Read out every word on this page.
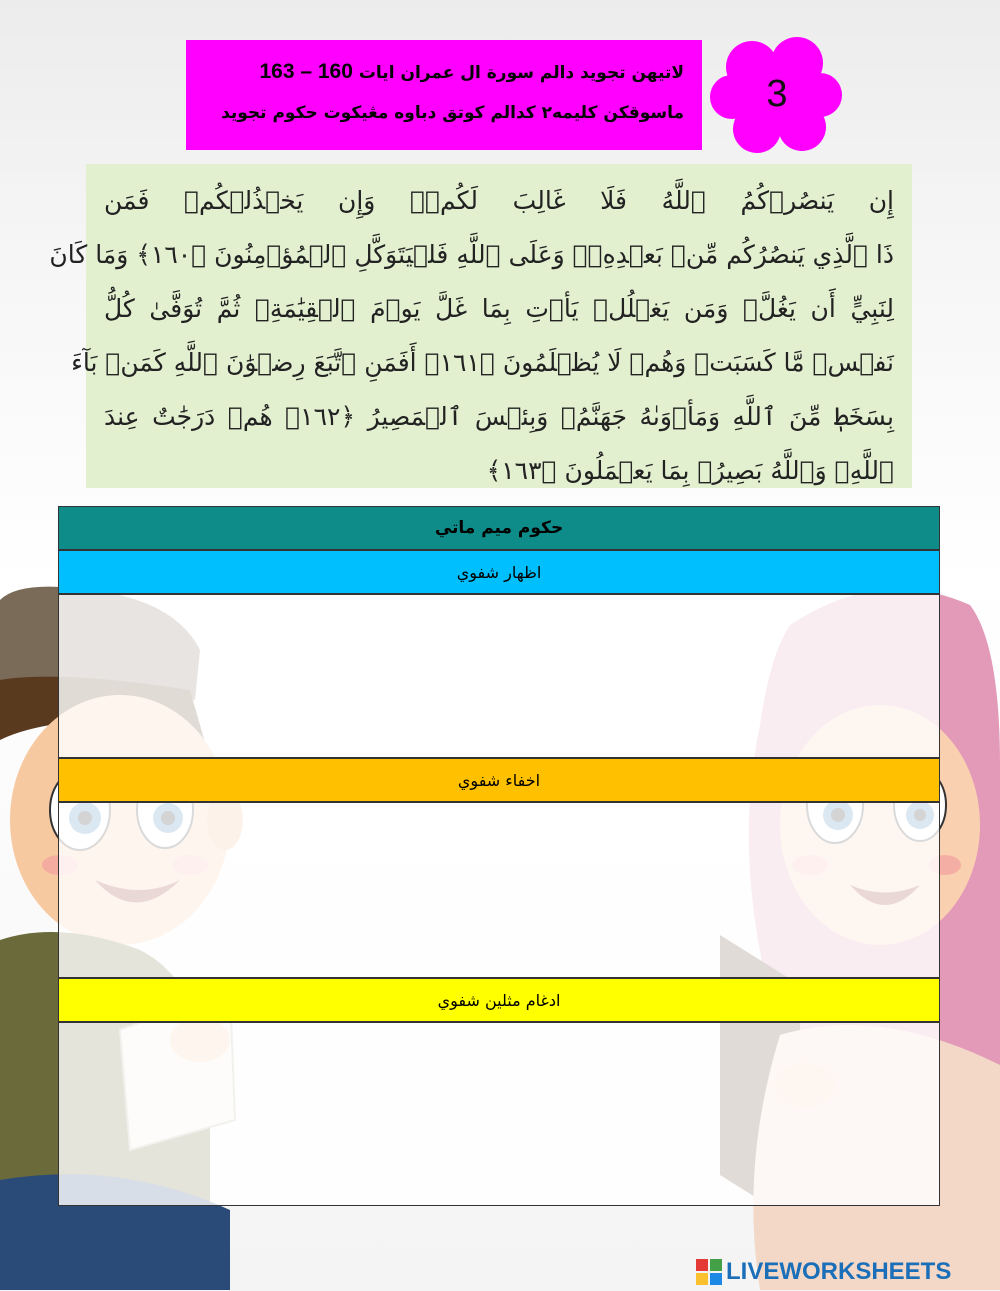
لاتيهن تجويد دالم سورة ال عمران ايات 160 – 163
ماسوقكن كليمه٢ كدالم كوتق دباوه مڠيكوت حكوم تجويد	3
إِن يَنصُرۡكُمُ ٱللَّهُ فَلَا غَالِبَ لَكُمۡۖ وَإِن يَخۡذُلۡكُمۡ فَمَن
ذَا ٱلَّذِي يَنصُرُكُم مِّنۢ بَعۡدِهِۦۗ وَعَلَى ٱللَّهِ فَلۡيَتَوَكَّلِ ٱلۡمُؤۡمِنُونَ ﴿١٦٠﴾ وَمَا كَانَ
لِنَبِيٍّ أَن يَغُلَّۚ وَمَن يَغۡلُلۡ يَأۡتِ بِمَا غَلَّ يَوۡمَ ٱلۡقِيَٰمَةِۚ ثُمَّ تُوَفَّىٰ كُلُّ
نَفۡسٖ مَّا كَسَبَتۡ وَهُمۡ لَا يُظۡلَمُونَ ﴿١٦١﴾ أَفَمَنِ ٱتَّبَعَ رِضۡوَٰنَ ٱللَّهِ كَمَنۢ بَآءَ
بِسَخَطٖ مِّنَ ٱللَّهِ وَمَأۡوَىٰهُ جَهَنَّمُۖ وَبِئۡسَ ٱلۡمَصِيرُ ﴿١٦٢﴾ هُمۡ دَرَجَٰتٌ عِندَ
ٱللَّهِۗ وَٱللَّهُ بَصِيرُۢ بِمَا يَعۡمَلُونَ ﴿١٦٣﴾
حكوم ميم ماتي
اظهار شفوي
اخفاء شفوي
ادغام مثلين شفوي
LIVEWORKSHEETS
